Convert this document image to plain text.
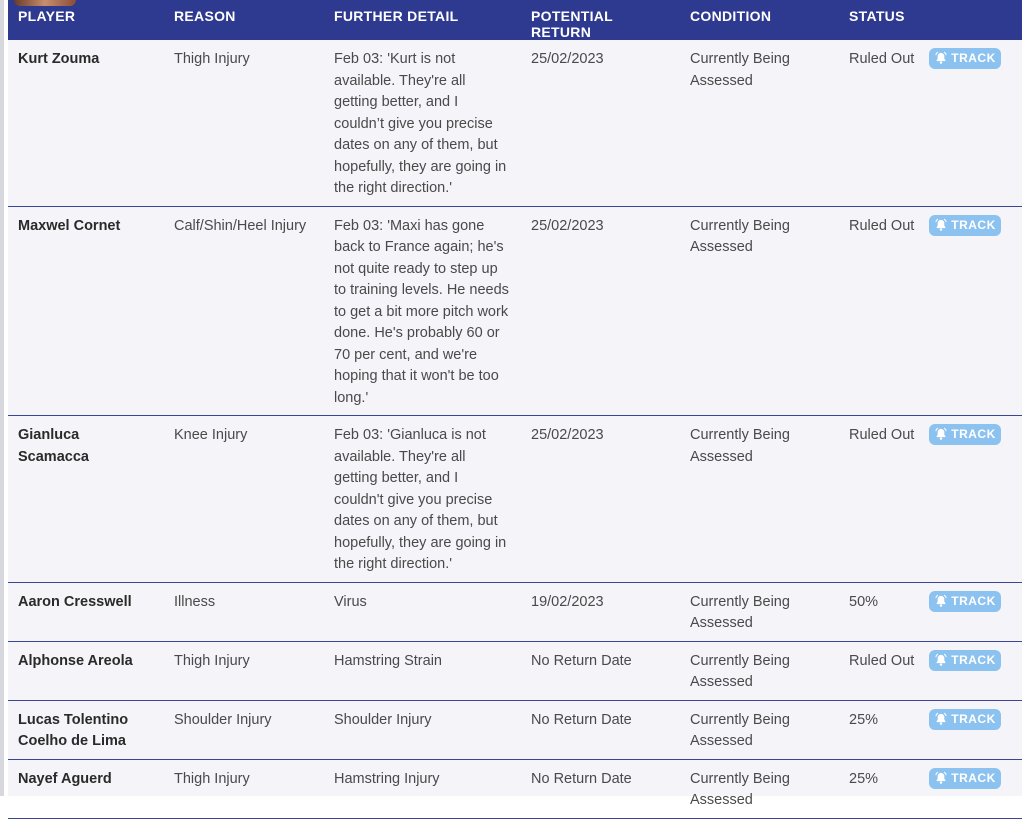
PLAYER	REASON	FURTHER DETAIL	POTENTIAL RETURN	CONDITION	STATUS
Kurt Zouma	Thigh Injury	Feb 03: 'Kurt is not available. They're all getting better, and I couldn’t give you precise dates on any of them, but hopefully, they are going in the right direction.'	25/02/2023	Currently Being Assessed	Ruled Out TRACK
Maxwel Cornet	Calf/Shin/Heel Injury	Feb 03: 'Maxi has gone back to France again; he's not quite ready to step up to training levels. He needs to get a bit more pitch work done. He's probably 60 or 70 per cent, and we're hoping that it won't be too long.'	25/02/2023	Currently Being Assessed	Ruled Out TRACK
Gianluca Scamacca	Knee Injury	Feb 03: 'Gianluca is not available. They're all getting better, and I couldn't give you precise dates on any of them, but hopefully, they are going in the right direction.'	25/02/2023	Currently Being Assessed	Ruled Out TRACK
Aaron Cresswell	Illness	Virus	19/02/2023	Currently Being Assessed	50% TRACK
Alphonse Areola	Thigh Injury	Hamstring Strain	No Return Date	Currently Being Assessed	Ruled Out TRACK
Lucas Tolentino Coelho de Lima	Shoulder Injury	Shoulder Injury	No Return Date	Currently Being Assessed	25% TRACK
Nayef Aguerd	Thigh Injury	Hamstring Injury	No Return Date	Currently Being Assessed	25% TRACK
